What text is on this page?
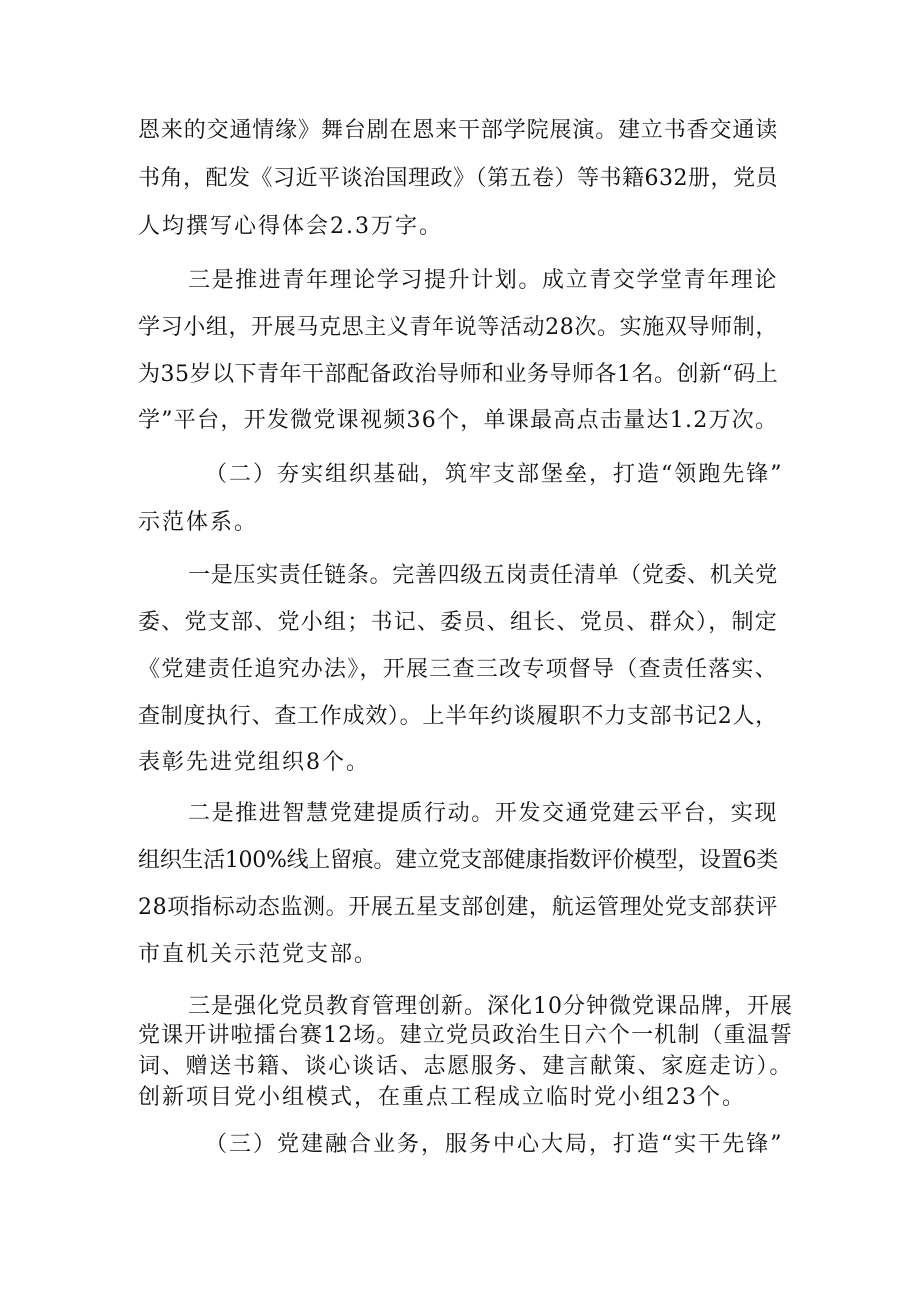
恩来的交通情缘》舞台剧在恩来干部学院展演。建立书香交通读
书角，配发《习近平谈治国理政》（第五卷）等书籍632册，党员
人均撰写心得体会2.3万字。
三是推进青年理论学习提升计划。成立青交学堂青年理论
学习小组，开展马克思主义青年说等活动28次。实施双导师制，
为35岁以下青年干部配备政治导师和业务导师各1名。创新“码上
学”平台，开发微党课视频36个，单课最高点击量达1.2万次。
（二）夯实组织基础，筑牢支部堡垒，打造“领跑先锋”
示范体系。
一是压实责任链条。完善四级五岗责任清单（党委、机关党
委、党支部、党小组；书记、委员、组长、党员、群众），制定
《党建责任追究办法》，开展三查三改专项督导（查责任落实、
查制度执行、查工作成效）。上半年约谈履职不力支部书记2人，
表彰先进党组织8个。
二是推进智慧党建提质行动。开发交通党建云平台，实现
组织生活100%线上留痕。建立党支部健康指数评价模型，设置6类
28项指标动态监测。开展五星支部创建，航运管理处党支部获评
市直机关示范党支部。
三是强化党员教育管理创新。深化10分钟微党课品牌，开展
党课开讲啦擂台赛12场。建立党员政治生日六个一机制（重温誓
词、赠送书籍、谈心谈话、志愿服务、建言献策、家庭走访）。
创新项目党小组模式，在重点工程成立临时党小组23个。
（三）党建融合业务，服务中心大局，打造“实干先锋”
